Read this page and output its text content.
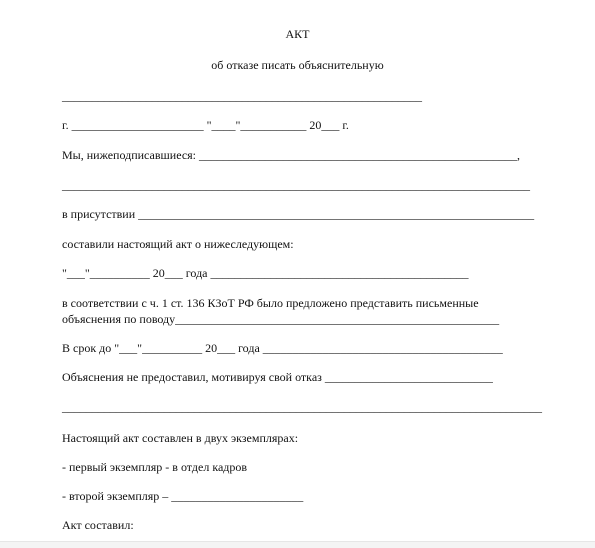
АКТ
об отказе писать объяснительную
____________________________________________________________
г. ______________________ "____"___________ 20___ г.
Мы, нижеподписавшиеся: _____________________________________________________,
______________________________________________________________________________
в присутствии __________________________________________________________________
составили настоящий акт о нижеследующем:
"___"__________ 20___ года ___________________________________________
в соответствии с ч. 1 ст. 136 КЗоТ РФ было предложено представить письменные
объяснения по поводу______________________________________________________
В срок до "___"__________ 20___ года ________________________________________
Объяснения не предоставил, мотивируя свой отказ ____________________________
________________________________________________________________________________
Настоящий акт составлен в двух экземплярах:
- первый экземпляр - в отдел кадров
- второй экземпляр – ______________________
Акт составил:
